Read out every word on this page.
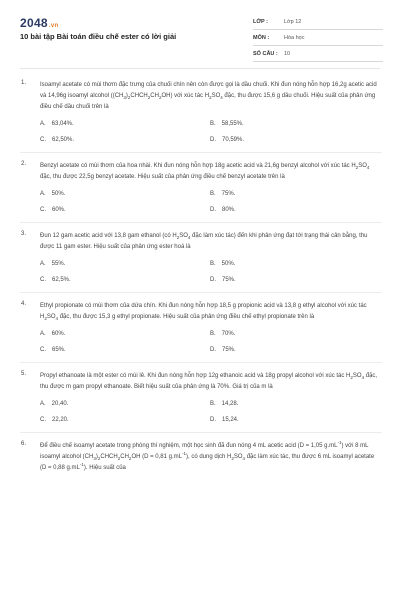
2048.vn
10 bài tập Bài toán điều chế ester có lời giải
LỚP :	Lớp 12
MÔN :	Hóa học
SỐ CÂU : 10
1. Isoamyl acetate có mùi thơm đặc trưng của chuối chín nên còn được gọi là dầu chuối. Khi đun nóng hỗn hợp 16,2g acetic acid và 14,96g isoamyl alcohol $((CH_3)_2CHCH_2CH_2OH)$ với xúc tác $H_2SO_4$ đặc, thu được 15,6 g dầu chuối. Hiệu suất của phản ứng điều chế dầu chuối trên là
A. 63,04%.	B. 58,55%.
C. 62,50%.	D. 70,59%.
2. Benzyl acetate có mùi thơm của hoa nhài. Khi đun nóng hỗn hợp 18g acetic acid và 21,6g benzyl alcohol với xúc tác $H_2SO_4$ đặc, thu được 22,5g benzyl acetate. Hiệu suất của phản ứng điều chế benzyl acetate trên là
A. 50%.	B. 75%.
C. 60%.	D. 80%.
3. Đun 12 gam acetic acid với 13,8 gam ethanol (có $H_2SO_4$ đặc làm xúc tác) đến khi phản ứng đạt tới trạng thái cân bằng, thu được 11 gam ester. Hiệu suất của phản ứng ester hoá là
A. 55%.	B. 50%.
C. 62,5%.	D. 75%.
4. Ethyl propionate có mùi thơm của dứa chín. Khi đun nóng hỗn hợp 18,5 g propionic acid và 13,8 g ethyl alcohol với xúc tác $H_2SO_4$ đặc, thu được 15,3 g ethyl propionate. Hiệu suất của phản ứng điều chế ethyl propionate trên là
A. 60%.	B. 70%.
C. 65%.	D. 75%.
5. Propyl ethanoate là một ester có mùi lê. Khi đun nóng hỗn hợp 12g ethanoic acid và 18g propyl alcohol với xúc tác $H_2SO_4$ đặc, thu được m gam propyl ethanoate. Biết hiệu suất của phản ứng là 70%. Giá trị của m là
A. 20,40.	B. 14,28.
C. 22,20.	D. 15,24.
6. Để điều chế isoamyl acetate trong phòng thí nghiệm, một học sinh đã đun nóng 4 mL acetic acid (D = 1,05 $g.mL^{-1}$) với 8 mL isoamyl alcohol $(CH_3)_2CHCH_2CH_2OH$ (D = 0,81 $g.mL^{-1}$), có dung dịch $H_2SO_4$ đặc làm xúc tác, thu được 6 mL isoamyl acetate (D = 0,88 $g.mL^{-1}$). Hiệu suất của
